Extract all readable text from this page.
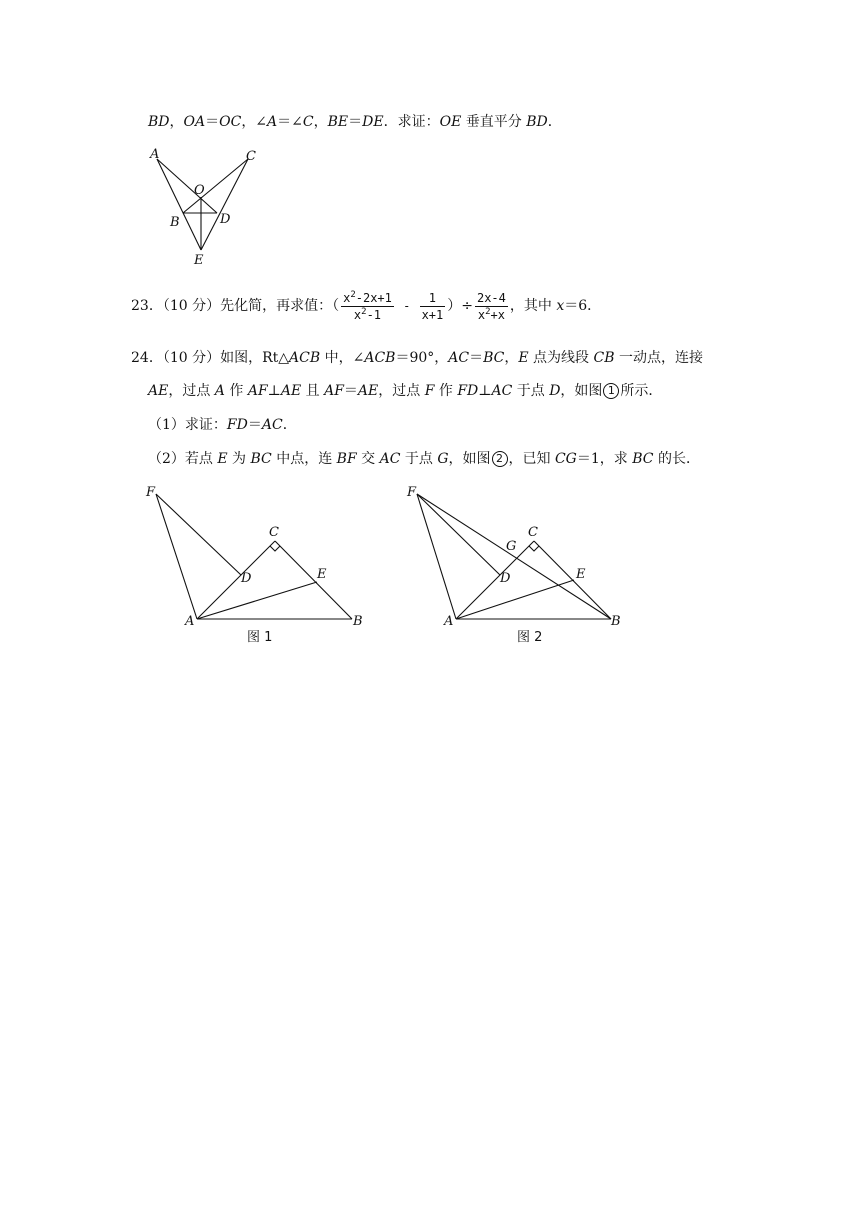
BD，OA＝OC，∠A＝∠C，BE＝DE．求证：OE 垂直平分 BD．
A	C
O
B	D
E
23．（10 分）先化简，再求值：（ $\frac{x^2-2x+1}{x^2-1} - \frac{1}{x+1}$ ）÷ $\frac{2x-4}{x^2+x}$ ，其中 x＝6．
24．（10 分）如图，Rt△ACB 中，∠ACB＝90°，AC＝BC，E 点为线段 CB 一动点，连接
AE，过点 A 作 AF⊥AE 且 AF＝AE，过点 F 作 FD⊥AC 于点 D，如图 1 所示．
（1）求证：FD＝AC．
（2）若点 E 为 BC 中点，连 BF 交 AC 于点 G，如图 2 ，已知 CG＝1，求 BC 的长．
F
C
D	E
A	B
图 1
F
G
C
D	E
A	B
图 2
